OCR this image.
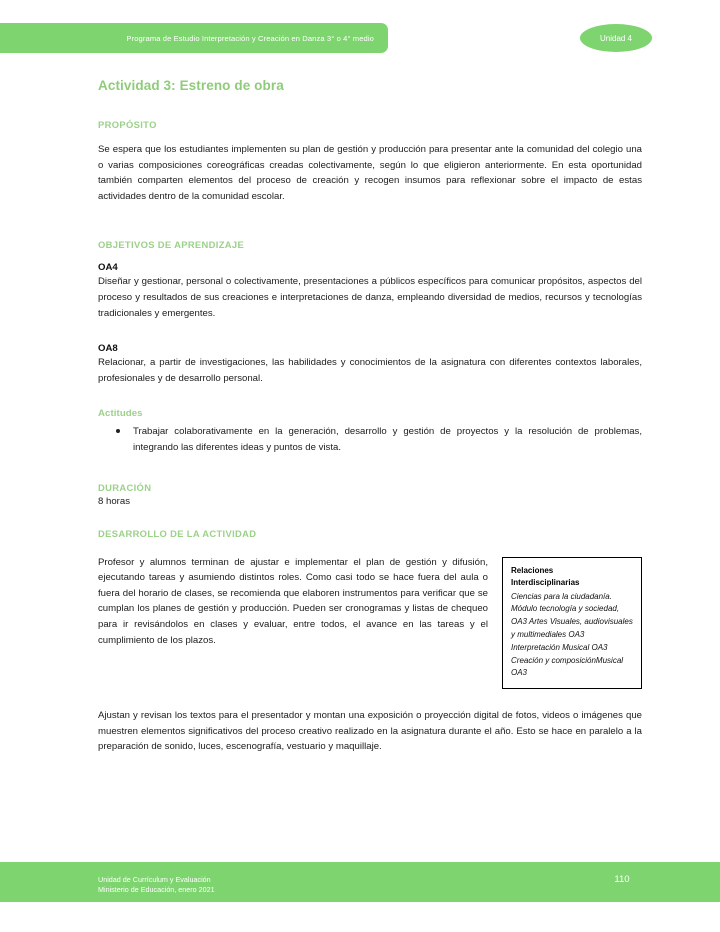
Programa de Estudio Interpretación y Creación en Danza 3° o 4° medio	Unidad 4
Actividad 3: Estreno de obra
PROPÓSITO

Se espera que los estudiantes implementen su plan de gestión y producción para presentar ante la comunidad del colegio una o varias composiciones coreográficas creadas colectivamente, según lo que eligieron anteriormente. En esta oportunidad también comparten elementos del proceso de creación y recogen insumos para reflexionar sobre el impacto de estas actividades dentro de la comunidad escolar.

OBJETIVOS DE APRENDIZAJE
OA4

Diseñar y gestionar, personal o colectivamente, presentaciones a públicos específicos para comunicar propósitos, aspectos del proceso y resultados de sus creaciones e interpretaciones de danza, empleando diversidad de medios, recursos y tecnologías tradicionales y emergentes.

OA8

Relacionar, a partir de investigaciones, las habilidades y conocimientos de la asignatura con diferentes contextos laborales, profesionales y de desarrollo personal.

Actitudes
Trabajar colaborativamente en la generación, desarrollo y gestión de proyectos y la resolución de problemas, integrando las diferentes ideas y puntos de vista.
DURACIÓN

8 horas

DESARROLLO DE LA ACTIVIDAD
Relaciones
Interdisciplinarias

Ciencias para la ciudadanía. Módulo tecnología y sociedad, OA3 Artes Visuales, audiovisuales y multimediales OA3 Interpretación Musical OA3 Creación y composiciónMusical OA3

Profesor y alumnos terminan de ajustar e implementar el plan de gestión y difusión, ejecutando tareas y asumiendo distintos roles. Como casi todo se hace fuera del aula o fuera del horario de clases, se recomienda que elaboren instrumentos para verificar que se cumplan los planes de gestión y producción. Pueden ser cronogramas y listas de chequeo para ir revisándolos en clases y evaluar, entre todos, el avance en las tareas y el cumplimiento de los plazos.

Ajustan y revisan los textos para el presentador y montan una exposición o proyección digital de fotos, videos o imágenes que muestren elementos significativos del proceso creativo realizado en la asignatura durante el año. Esto se hace en paralelo a la preparación de sonido, luces, escenografía, vestuario y maquillaje.

Unidad de Currículum y Evaluación
Ministerio de Educación, enero 2021
110
